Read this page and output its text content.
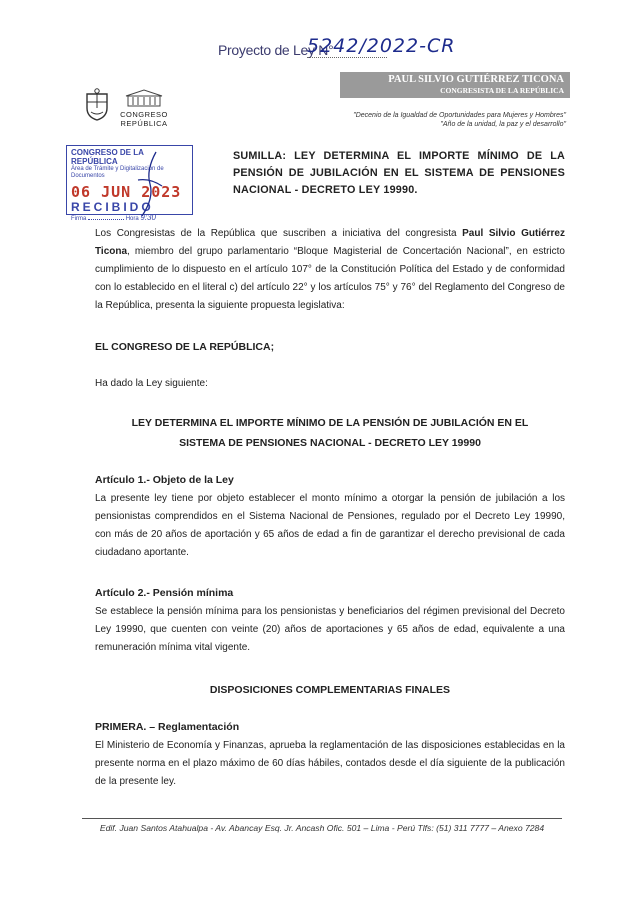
Proyecto de Ley N°
5242/2022-CR
PAUL SILVIO GUTIÉRREZ TICONA
CONGRESISTA DE LA REPÚBLICA
"Decenio de la Igualdad de Oportunidades para Mujeres y Hombres"
"Año de la unidad, la paz y el desarrollo"
CONGRESO
REPÚBLICA
CONGRESO DE LA REPÚBLICA
Área de Trámite y Digitalización de Documentos
06 JUN 2023
RECIBIDO
Firma	Hora 9:30
SUMILLA: LEY DETERMINA EL IMPORTE MÍNIMO DE LA PENSIÓN DE JUBILACIÓN EN EL SISTEMA DE PENSIONES NACIONAL - DECRETO LEY 19990.
Los Congresistas de la República que suscriben a iniciativa del congresista Paul Silvio Gutiérrez Ticona, miembro del grupo parlamentario “Bloque Magisterial de Concertación Nacional”, en estricto cumplimiento de lo dispuesto en el artículo 107° de la Constitución Política del Estado y de conformidad con lo establecido en el literal c) del artículo 22° y los artículos 75° y 76° del Reglamento del Congreso de la República, presenta la siguiente propuesta legislativa:
EL CONGRESO DE LA REPÚBLICA;
Ha dado la Ley siguiente:
LEY DETERMINA EL IMPORTE MÍNIMO DE LA PENSIÓN DE JUBILACIÓN EN EL
SISTEMA DE PENSIONES NACIONAL - DECRETO LEY 19990
Artículo 1.- Objeto de la Ley
La presente ley tiene por objeto establecer el monto mínimo a otorgar la pensión de jubilación a los pensionistas comprendidos en el Sistema Nacional de Pensiones, regulado por el Decreto Ley 19990, con más de 20 años de aportación y 65 años de edad a fin de garantizar el derecho previsional de cada ciudadano aportante.
Artículo 2.- Pensión mínima
Se establece la pensión mínima para los pensionistas y beneficiarios del régimen previsional del Decreto Ley 19990, que cuenten con veinte (20) años de aportaciones y 65 años de edad, equivalente a una remuneración mínima vital vigente.
DISPOSICIONES COMPLEMENTARIAS FINALES
PRIMERA. – Reglamentación
El Ministerio de Economía y Finanzas, aprueba la reglamentación de las disposiciones establecidas en la presente norma en el plazo máximo de 60 días hábiles, contados desde el día siguiente de la publicación de la presente ley.
Edif. Juan Santos Atahualpa - Av. Abancay Esq. Jr. Ancash Ofic. 501 – Lima - Perú Tlfs: (51) 311 7777 – Anexo 7284
